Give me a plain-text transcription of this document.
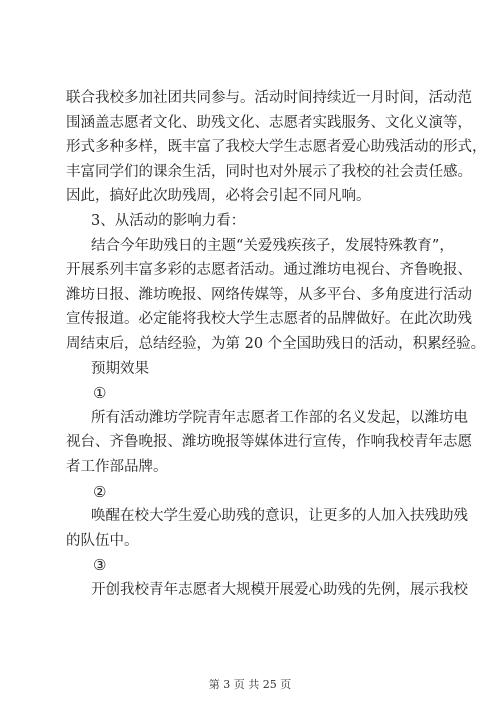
联合我校多加社团共同参与。活动时间持续近一月时间，活动范
围涵盖志愿者文化、助残文化、志愿者实践服务、文化义演等，
形式多种多样，既丰富了我校大学生志愿者爱心助残活动的形式，
丰富同学们的课余生活，同时也对外展示了我校的社会责任感。
因此，搞好此次助残周，必将会引起不同凡响。
3、从活动的影响力看：
结合今年助残日的主题“关爱残疾孩子，发展特殊教育”，
开展系列丰富多彩的志愿者活动。通过潍坊电视台、齐鲁晚报、
潍坊日报、潍坊晚报、网络传媒等，从多平台、多角度进行活动
宣传报道。必定能将我校大学生志愿者的品牌做好。在此次助残
周结束后，总结经验，为第 20 个全国助残日的活动，积累经验。
预期效果
①
所有活动潍坊学院青年志愿者工作部的名义发起，以潍坊电
视台、齐鲁晚报、潍坊晚报等媒体进行宣传，作响我校青年志愿
者工作部品牌。
②
唤醒在校大学生爱心助残的意识，让更多的人加入扶残助残
的队伍中。
③
开创我校青年志愿者大规模开展爱心助残的先例，展示我校
第 3 页 共 25 页
